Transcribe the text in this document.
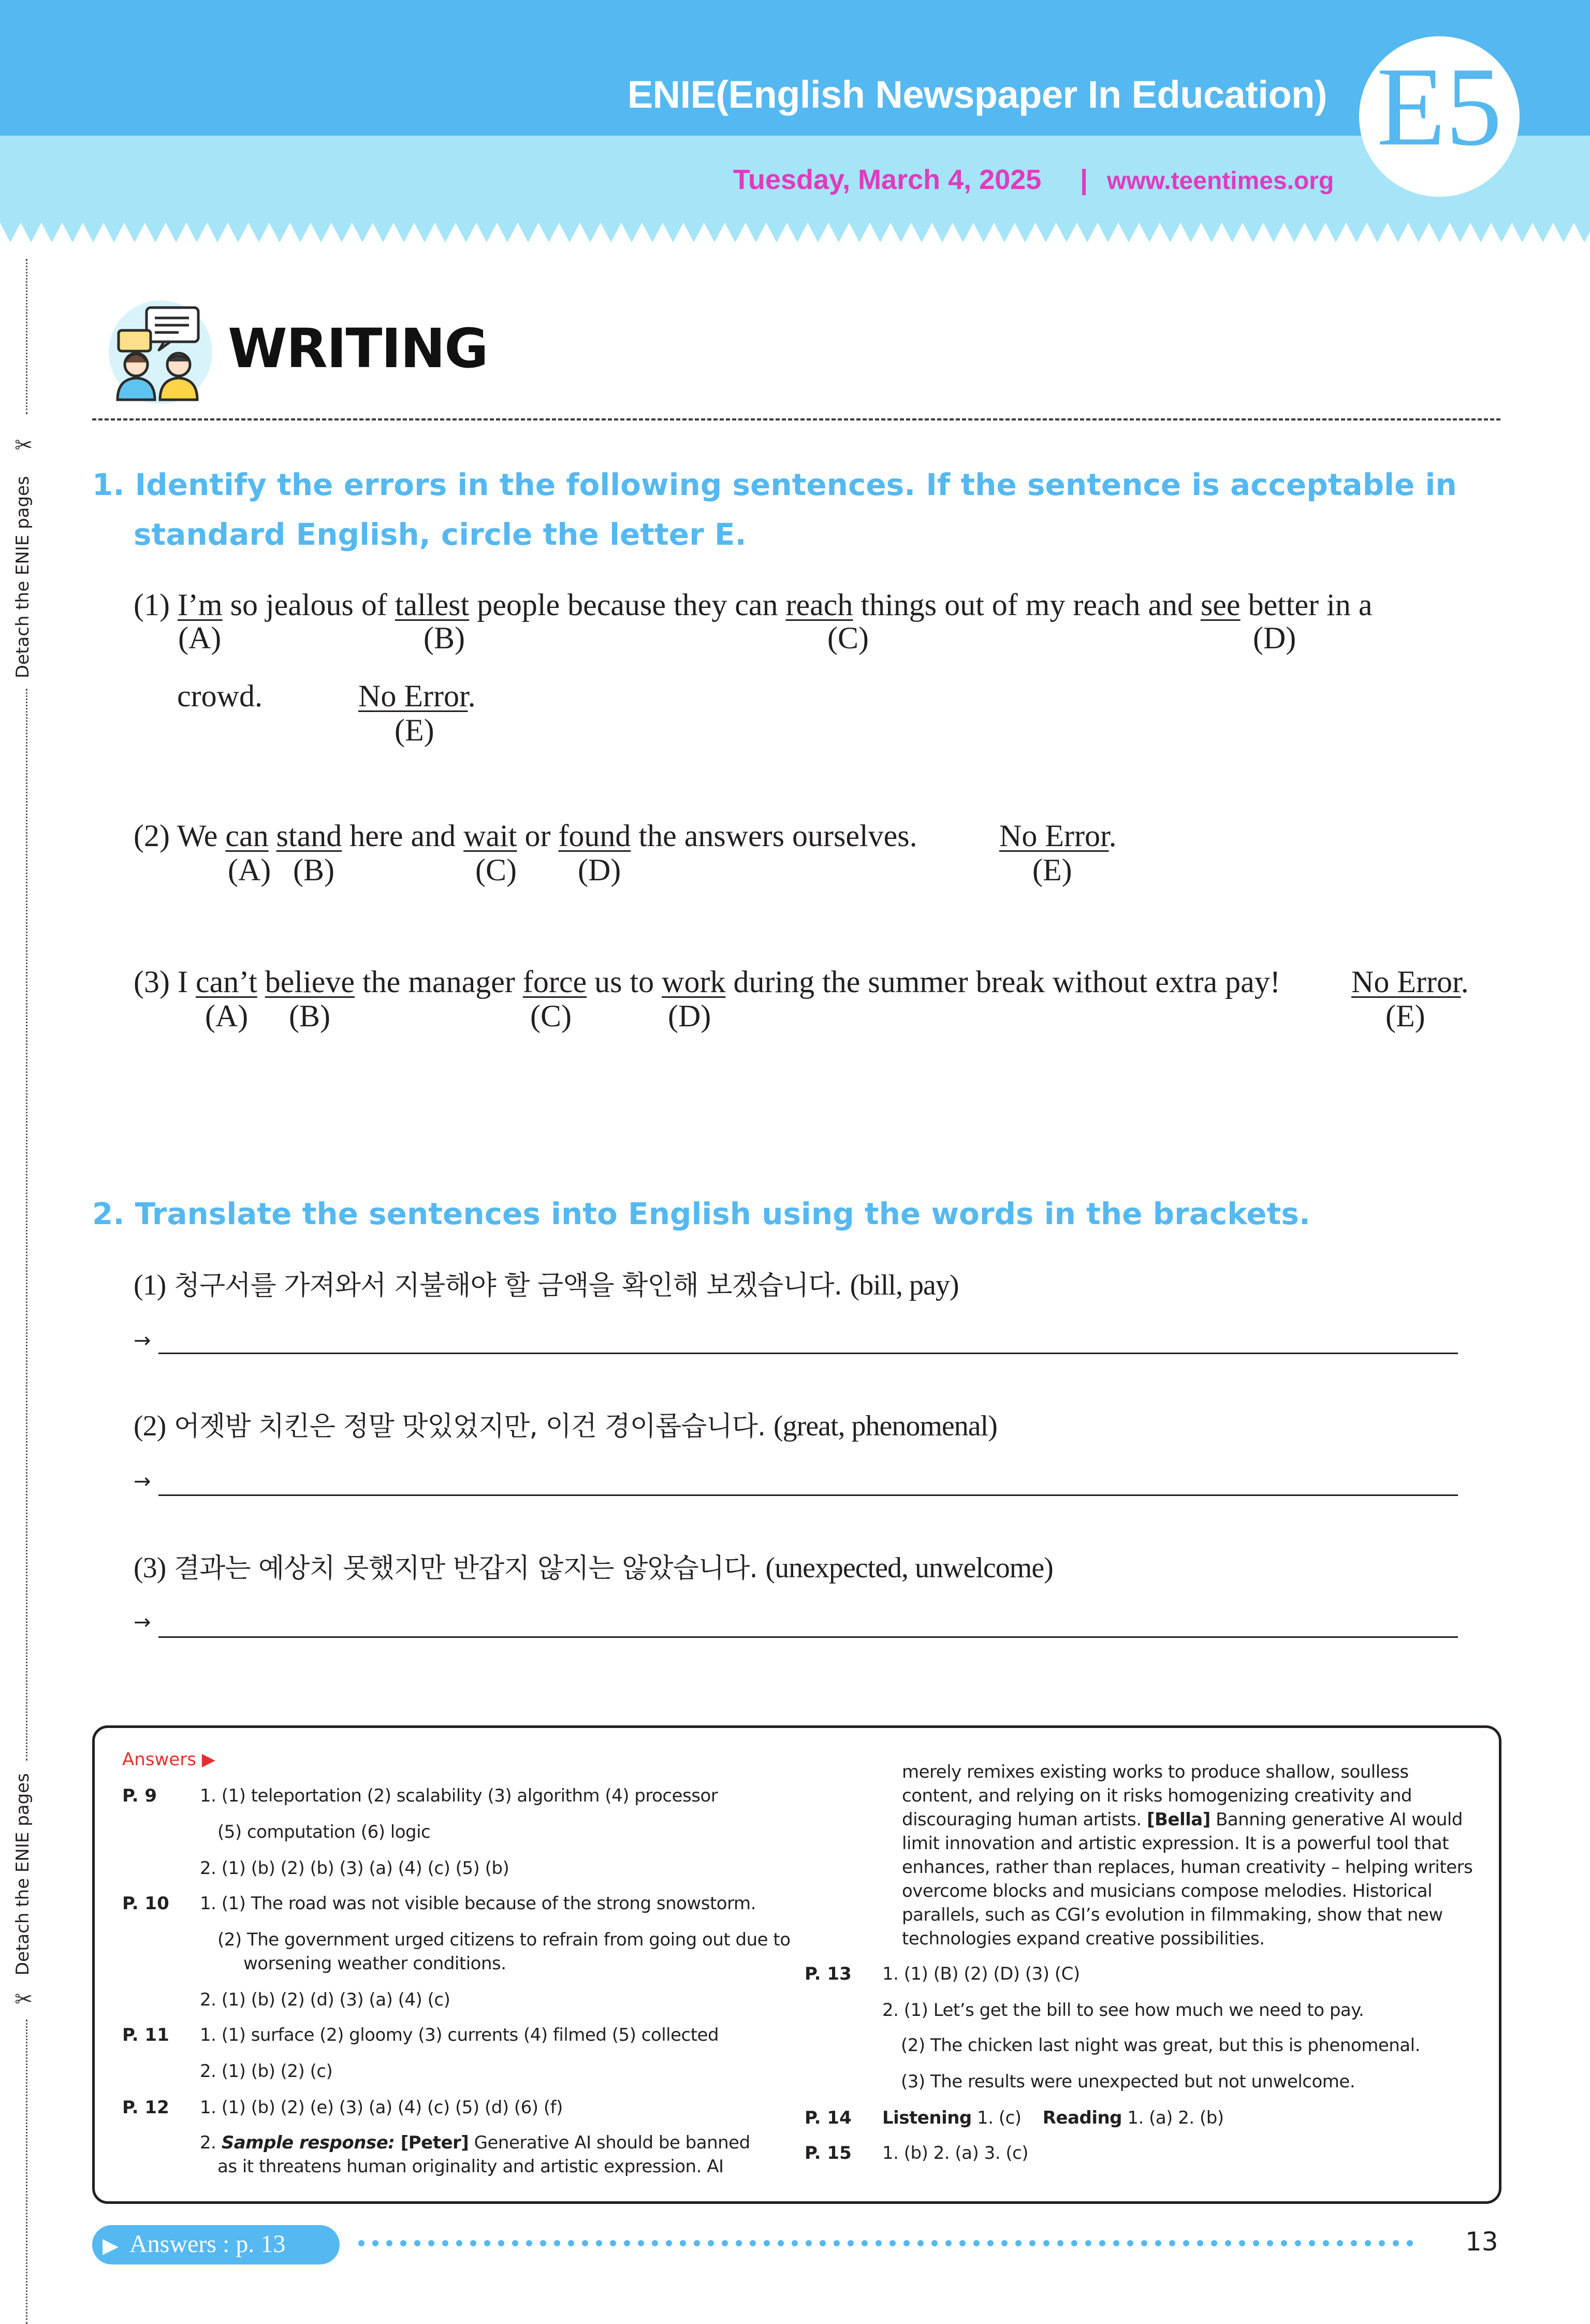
ENIE(English Newspaper In Education)
Tuesday, March 4, 2025 | www.teentimes.org
E5
✂
Detach the ENIE pages
Detach the ENIE pages
✂
WRITING
1. Identify the errors in the following sentences. If the sentence is acceptable in
standard English, circle the letter E.
(1) I’m so jealous of tallest people because they can reach things out of my reach and see better in a
(A)	(B)	(C)	(D)
crowd.	No Error.
(E)
(2) We can stand here and wait or found the answers ourselves.	No Error.
(A) (B)	(C) (D)	(E)
(3) I can’t believe the manager force us to work during the summer break without extra pay! No Error.
(A) (B)	(C)	(D)	(E)
2. Translate the sentences into English using the words in the brackets.
(1) 청구서를 가져와서 지불해야 할 금액을 확인해 보겠습니다. (bill, pay)
→
(2) 어젯밤 치킨은 정말 맛있었지만, 이건 경이롭습니다. (great, phenomenal)
→
(3) 결과는 예상치 못했지만 반갑지 않지는 않았습니다. (unexpected, unwelcome)
→
Answers ▶
P. 9 1. (1) teleportation (2) scalability (3) algorithm (4) processor
(5) computation (6) logic
2. (1) (b) (2) (b) (3) (a) (4) (c) (5) (b)
P. 10 1. (1) The road was not visible because of the strong snowstorm.
(2) The government urged citizens to refrain from going out due to
worsening weather conditions.
2. (1) (b) (2) (d) (3) (a) (4) (c)
P. 11 1. (1) surface (2) gloomy (3) currents (4) filmed (5) collected
2. (1) (b) (2) (c)
P. 12 1. (1) (b) (2) (e) (3) (a) (4) (c) (5) (d) (6) (f)
2. Sample response: [Peter] Generative AI should be banned
as it threatens human originality and artistic expression. AI
merely remixes existing works to produce shallow, soulless
content, and relying on it risks homogenizing creativity and
discouraging human artists. [Bella] Banning generative AI would
limit innovation and artistic expression. It is a powerful tool that
enhances, rather than replaces, human creativity – helping writers
overcome blocks and musicians compose melodies. Historical
parallels, such as CGI’s evolution in filmmaking, show that new
technologies expand creative possibilities.
P. 13 1. (1) (B) (2) (D) (3) (C)
2. (1) Let’s get the bill to see how much we need to pay.
(2) The chicken last night was great, but this is phenomenal.
(3) The results were unexpected but not unwelcome.
P. 14 Listening 1. (c) Reading 1. (a) 2. (b)
P. 15 1. (b) 2. (a) 3. (c)
▶ Answers : p. 13	13
